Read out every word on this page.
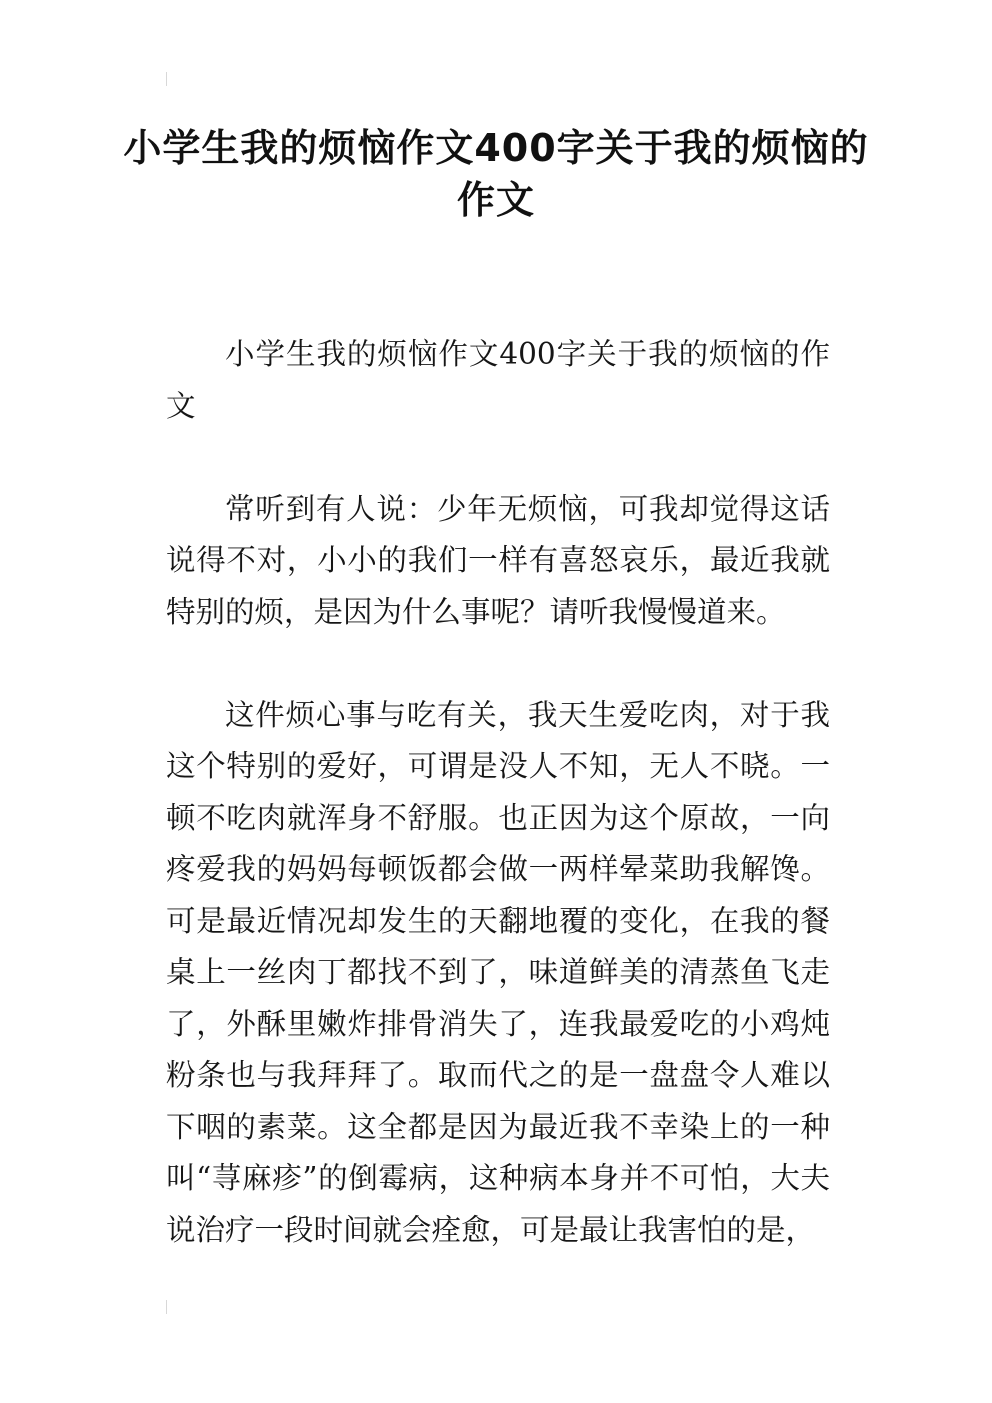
小学生我的烦恼作文400字关于我的烦恼的作文

小学生我的烦恼作文400字关于我的烦恼的作文

常听到有人说：少年无烦恼，可我却觉得这话说得不对，小小的我们一样有喜怒哀乐，最近我就特别的烦，是因为什么事呢？请听我慢慢道来。

这件烦心事与吃有关，我天生爱吃肉，对于我这个特别的爱好，可谓是没人不知，无人不晓。一顿不吃肉就浑身不舒服。也正因为这个原故，一向疼爱我的妈妈每顿饭都会做一两样晕菜助我解馋。可是最近情况却发生的天翻地覆的变化，在我的餐桌上一丝肉丁都找不到了，味道鲜美的清蒸鱼飞走了，外酥里嫩炸排骨消失了，连我最爱吃的小鸡炖粉条也与我拜拜了。取而代之的是一盘盘令人难以下咽的素菜。这全都是因为最近我不幸染上的一种叫“荨麻疹”的倒霉病，这种病本身并不可怕，大夫说治疗一段时间就会痊愈，可是最让我害怕的是，
